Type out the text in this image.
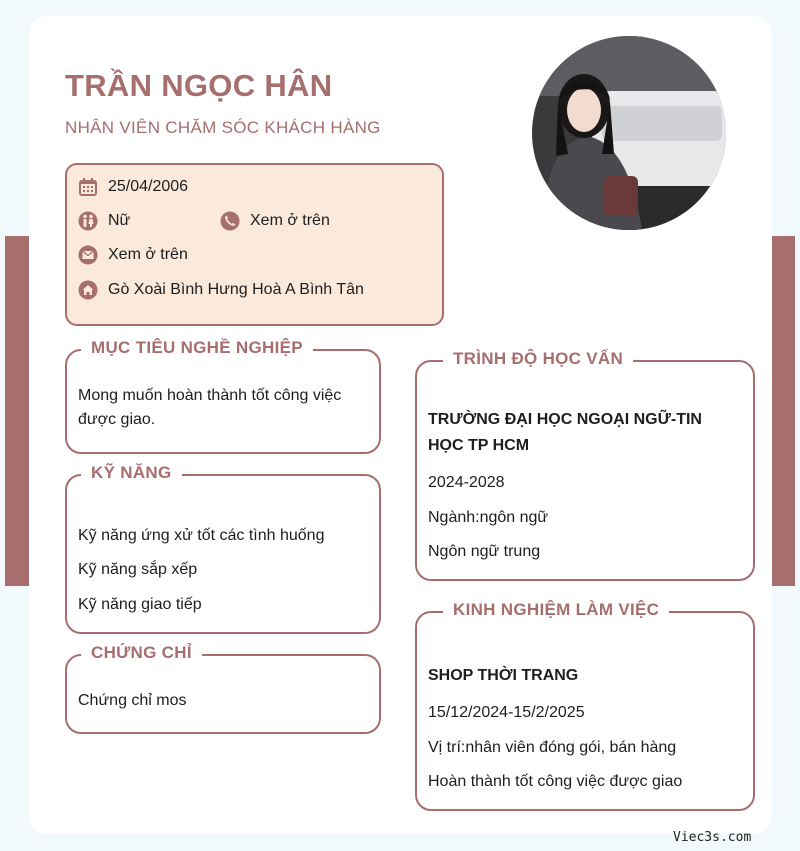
TRẦN NGỌC HÂN
NHÂN VIÊN CHĂM SÓC KHÁCH HÀNG
25/04/2006
Nữ	Xem ở trên
Xem ở trên
Gò Xoài Bình Hưng Hoà A Bình Tân
MỤC TIÊU NGHỀ NGHIỆP
Mong muốn hoàn thành tốt công việc
được giao.
KỸ NĂNG
Kỹ năng ứng xử tốt các tình huống
Kỹ năng sắp xếp
Kỹ năng giao tiếp
CHỨNG CHỈ
Chứng chỉ mos
TRÌNH ĐỘ HỌC VẤN
TRƯỜNG ĐẠI HỌC NGOẠI NGỮ-TIN
HỌC TP HCM
2024-2028
Ngành:ngôn ngữ
Ngôn ngữ trung
KINH NGHIỆM LÀM VIỆC
SHOP THỜI TRANG
15/12/2024-15/2/2025
Vị trí:nhân viên đóng gói, bán hàng
Hoàn thành tốt công việc được giao
Viec3s.com
